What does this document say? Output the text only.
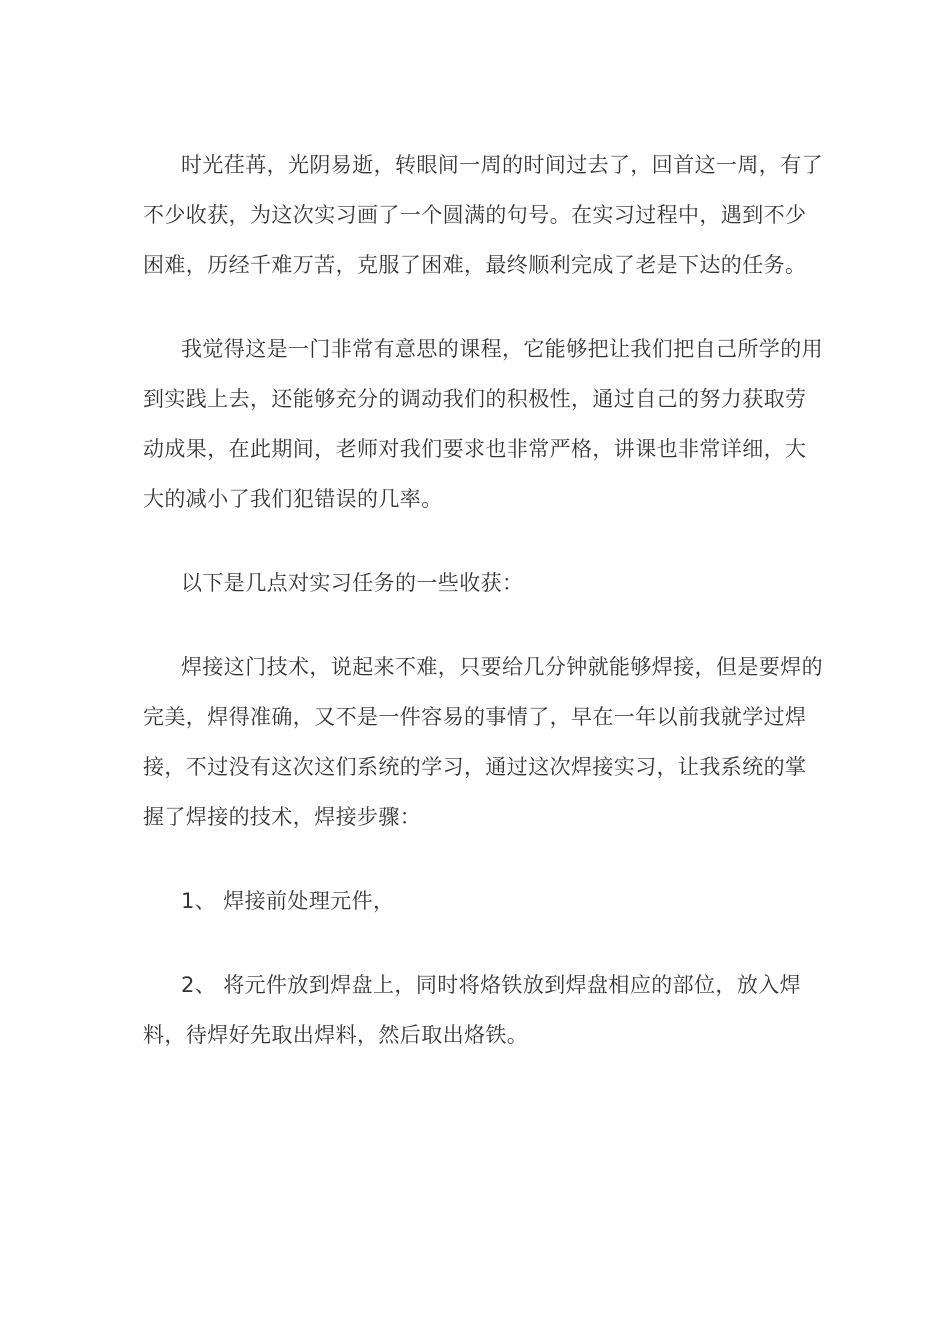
时光荏苒，光阴易逝，转眼间一周的时间过去了，回首这一周，有了不少收获，为这次实习画了一个圆满的句号。在实习过程中，遇到不少困难，历经千难万苦，克服了困难，最终顺利完成了老是下达的任务。

我觉得这是一门非常有意思的课程，它能够把让我们把自己所学的用到实践上去，还能够充分的调动我们的积极性，通过自己的努力获取劳动成果，在此期间，老师对我们要求也非常严格，讲课也非常详细，大大的减小了我们犯错误的几率。

以下是几点对实习任务的一些收获：

焊接这门技术，说起来不难，只要给几分钟就能够焊接，但是要焊的完美，焊得准确，又不是一件容易的事情了，早在一年以前我就学过焊接，不过没有这次这们系统的学习，通过这次焊接实习，让我系统的掌握了焊接的技术，焊接步骤：

1、 焊接前处理元件，

2、 将元件放到焊盘上，同时将烙铁放到焊盘相应的部位，放入焊料，待焊好先取出焊料，然后取出烙铁。
